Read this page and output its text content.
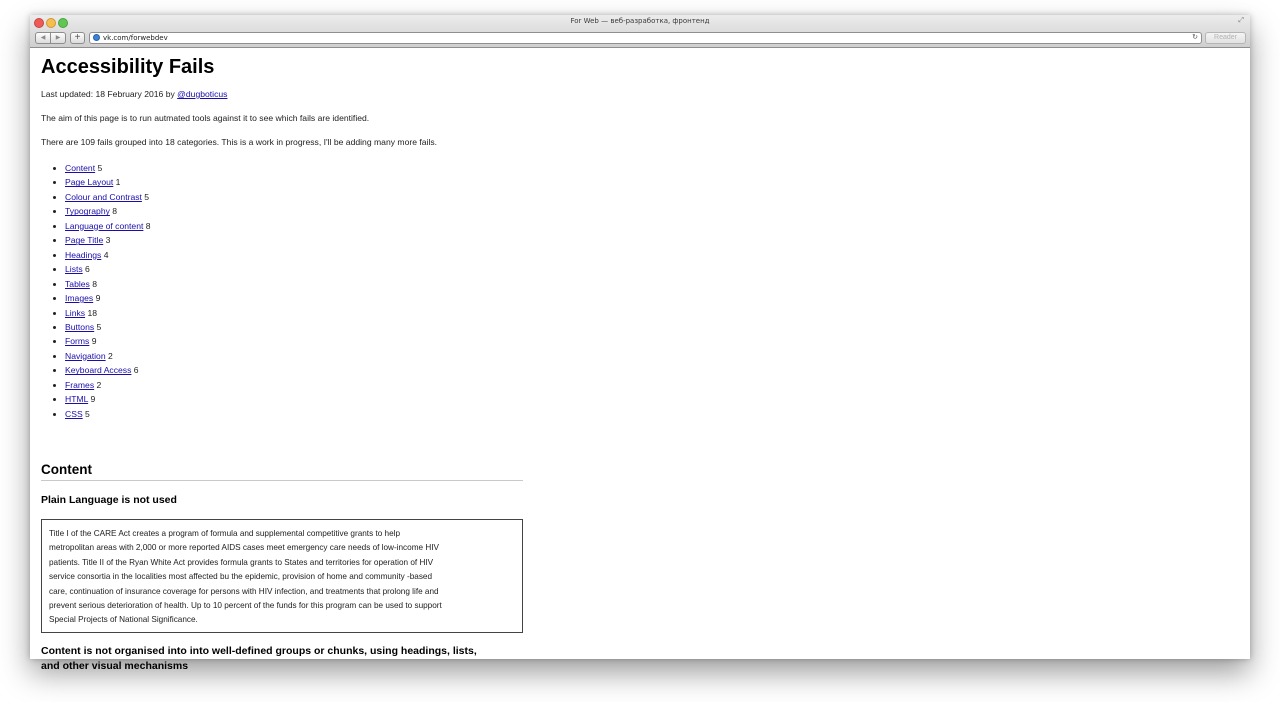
For Web — веб-разработка, фронтенд	⤢
◀	▶	+	vk.com/forwebdev	↻	Reader
Accessibility Fails

Last updated: 18 February 2016 by @dugboticus

The aim of this page is to run autmated tools against it to see which fails are identified.

There are 109 fails grouped into 18 categories. This is a work in progress, I'll be adding many more fails.

• Content 5
• Page Layout 1
• Colour and Contrast 5
• Typography 8
• Language of content 8
• Page Title 3
• Headings 4
• Lists 6
• Tables 8
• Images 9
• Links 18
• Buttons 5
• Forms 9
• Navigation 2
• Keyboard Access 6
• Frames 2
• HTML 9
• CSS 5
Content
Plain Language is not used
Title I of the CARE Act creates a program of formula and supplemental competitive grants to help
metropolitan areas with 2,000 or more reported AIDS cases meet emergency care needs of low-income HIV
patients. Title II of the Ryan White Act provides formula grants to States and territories for operation of HIV
service consortia in the localities most affected bu the epidemic, provision of home and community -based
care, continuation of insurance coverage for persons with HIV infection, and treatments that prolong life and
prevent serious deterioration of health. Up to 10 percent of the funds for this program can be used to support
Special Projects of National Significance.
Content is not organised into into well-defined groups or chunks, using headings, lists,
and other visual mechanisms
